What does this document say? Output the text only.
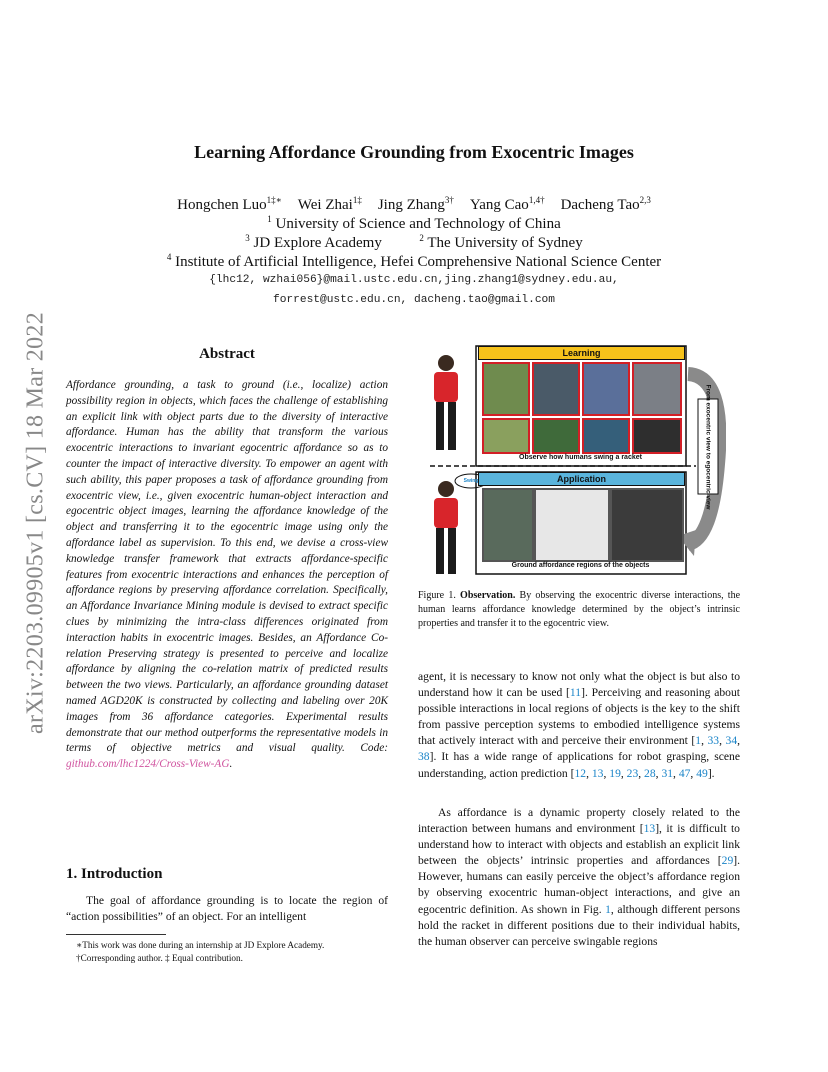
Learning Affordance Grounding from Exocentric Images
Hongchen Luo$^{1\ddagger∗}$ Wei Zhai$^{1\ddagger}$ Jing Zhang$^{3\dagger}$ Yang Cao$^{1,4\dagger}$ Dacheng Tao$^{2,3}$
$^1$ University of Science and Technology of China
$^3$ JD Explore Academy	$^2$ The University of Sydney
$^4$ Institute of Artificial Intelligence, Hefei Comprehensive National Science Center
{lhc12, wzhai056}@mail.ustc.edu.cn,jing.zhang1@sydney.edu.au,
forrest@ustc.edu.cn, dacheng.tao@gmail.com
arXiv:2203.09905v1 [cs.CV] 18 Mar 2022	Abstract
Affordance grounding, a task to ground (i.e., localize) action possibility region in objects, which faces the challenge of establishing an explicit link with object parts due to the diversity of interactive affordance. Human has the ability that transform the various exocentric interactions to invariant egocentric affordance so as to counter the impact of interactive diversity. To empower an agent with such ability, this paper proposes a task of affordance grounding from exocentric view, i.e., given exocentric human-object interaction and egocentric object images, learning the affordance knowledge of the object and transferring it to the egocentric image using only the affordance label as supervision. To this end, we devise a cross-view knowledge transfer framework that extracts affordance-specific features from exocentric interactions and enhances the perception of affordance regions by preserving affordance correlation. Specifically, an Affordance Invariance Mining module is devised to extract specific clues by minimizing the intra-class differences originated from interaction habits in exocentric images. Besides, an Affordance Co-relation Preserving strategy is presented to perceive and localize affordance by aligning the co-relation matrix of predicted results between the two views. Particularly, an affordance grounding dataset named AGD20K is constructed by collecting and labeling over 20K images from 36 affordance categories. Experimental results demonstrate that our method outperforms the representative models in terms of objective metrics and visual quality. Code: github.com/lhc1224/Cross-View-AG.
1. Introduction
The goal of affordance grounding is to locate the region of “action possibilities” of an object. For an intelligent
∗This work was done during an internship at JD Explore Academy.
†Corresponding author. ‡ Equal contribution.
Learning
Observe how humans swing a racket
Application
Swing
Ground affordance regions of the objects
From exocentric view to egocentric view
Figure 1. Observation. By observing the exocentric diverse interactions, the human learns affordance knowledge determined by the object’s intrinsic properties and transfer it to the egocentric view.
agent, it is necessary to know not only what the object is but also to understand how it can be used [11]. Perceiving and reasoning about possible interactions in local regions of objects is the key to the shift from passive perception systems to embodied intelligence systems that actively interact with and perceive their environment [1, 33, 34, 38]. It has a wide range of applications for robot grasping, scene understanding, action prediction [12, 13, 19, 23, 28, 31, 47, 49].
As affordance is a dynamic property closely related to the interaction between humans and environment [13], it is difficult to understand how to interact with objects and establish an explicit link between the objects’ intrinsic properties and affordances [29]. However, humans can easily perceive the object’s affordance region by observing exocentric human-object interactions, and give an egocentric definition. As shown in Fig. 1, although different persons hold the racket in different positions due to their individual habits, the human observer can perceive swingable regions
